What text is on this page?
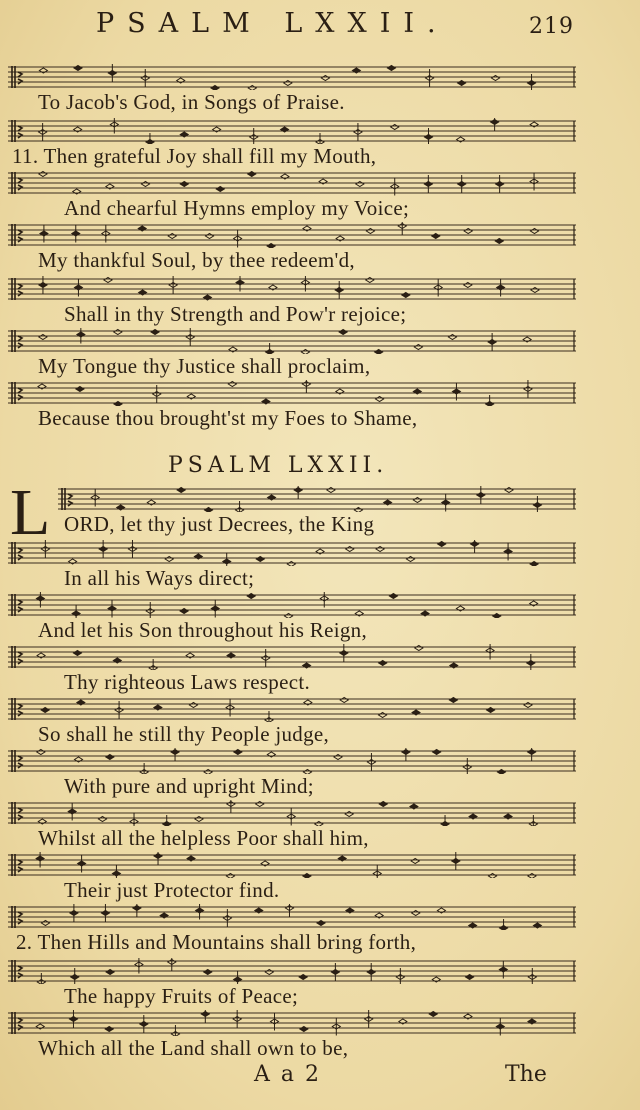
PSALM LXXII.	219
To Jacob's God, in Songs of Praise.
11. Then grateful Joy shall fill my Mouth,
And chearful Hymns employ my Voice;
My thankful Soul, by thee redeem'd,
Shall in thy Strength and Pow'r rejoice;
My Tongue thy Justice shall proclaim,
Because thou brought'st my Foes to Shame,
PSALM LXXII.
L ORD, let thy just Decrees, the King
In all his Ways direct;
And let his Son throughout his Reign,
Thy righteous Laws respect.
So shall he still thy People judge,
With pure and upright Mind;
Whilst all the helpless Poor shall him,
Their just Protector find.
2. Then Hills and Mountains shall bring forth,
The happy Fruits of Peace;
Which all the Land shall own to be,
A a 2	The
